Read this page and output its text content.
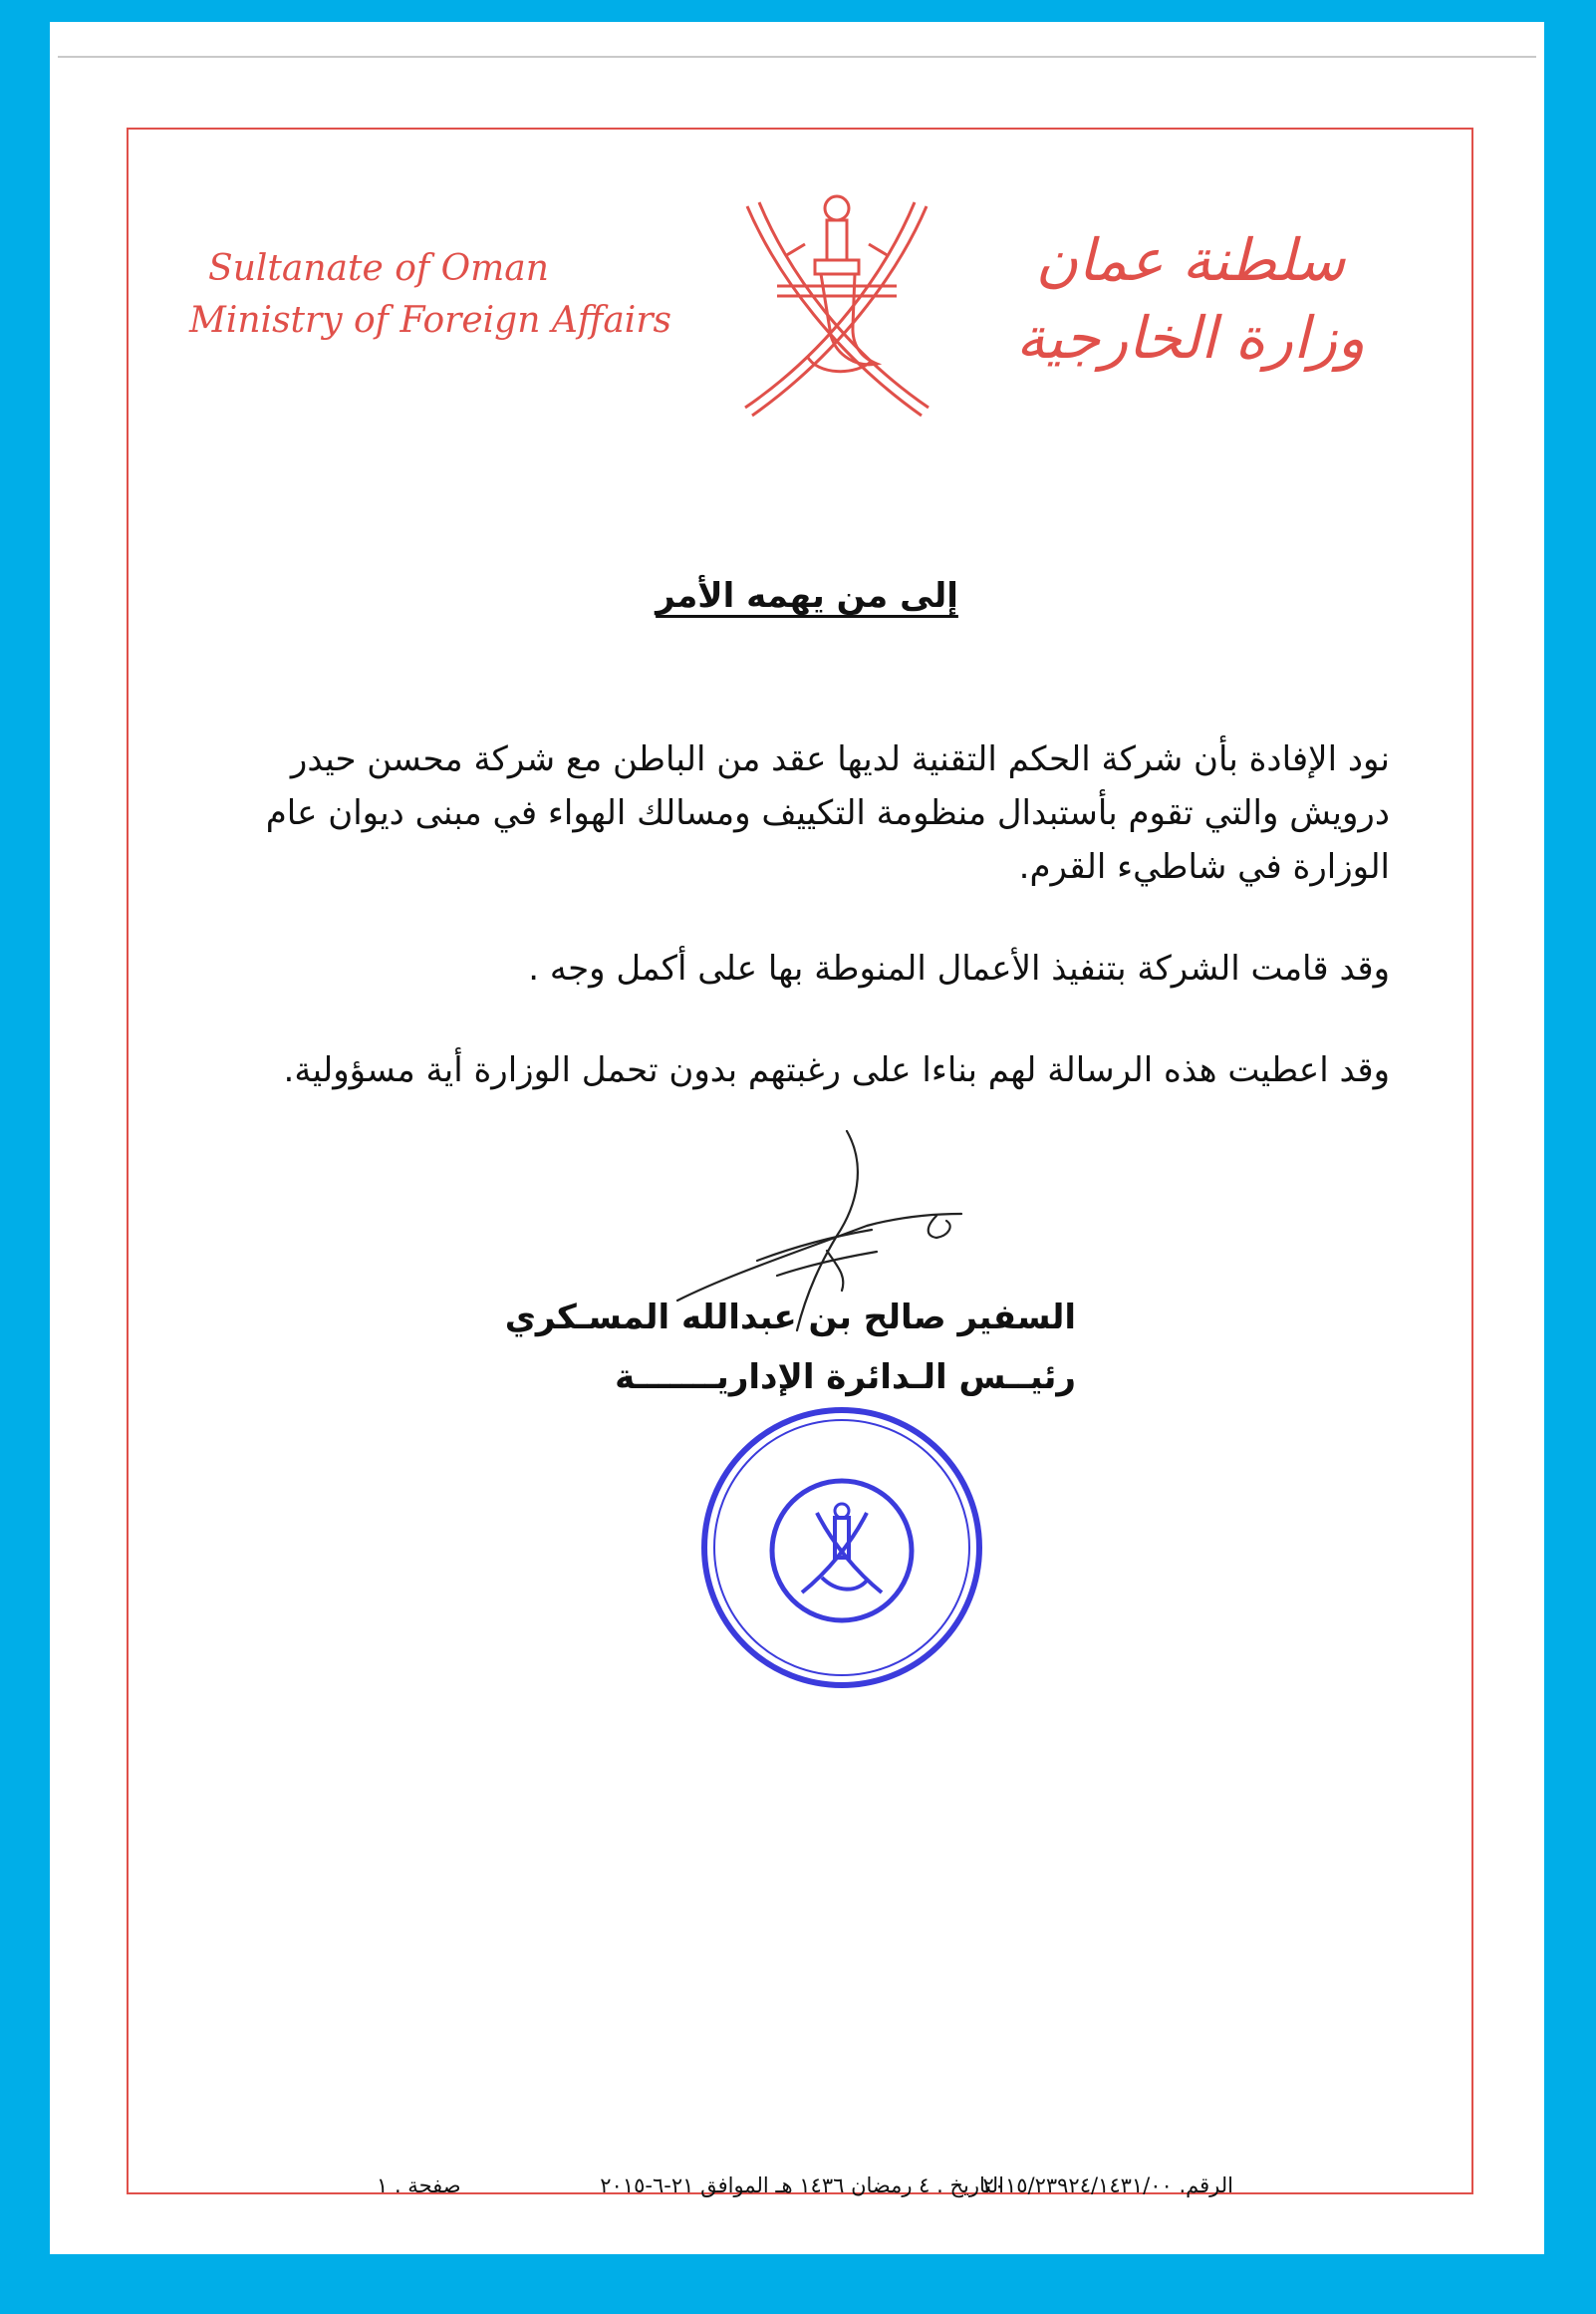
Sultanate of Oman
Ministry of Foreign Affairs
سلطنة عمان
وزارة الخارجية
إلى من يهمه الأمر

نود الإفادة بأن شركة الحكم التقنية لديها عقد من الباطن مع شركة محسن حيدر درويش والتي تقوم بأستبدال منظومة التكييف ومسالك الهواء في مبنى ديوان عام الوزارة في شاطيء القرم.

وقد قامت الشركة بتنفيذ الأعمال المنوطة بها على أكمل وجه .

وقد اعطيت هذه الرسالة لهم بناءا على رغبتهم بدون تحمل الوزارة أية مسؤولية.

السفير صالح بن عبدالله المسـكري
رئيــس الـدائرة الإداريـــــــة
الرقم. ٢٠١٥/٢٣٩٢٤/١٤٣١/٠٠
التاريخ . ٤ رمضان ١٤٣٦ هـ الموافق ٢١-٦-٢٠١٥
صفحة . ١
